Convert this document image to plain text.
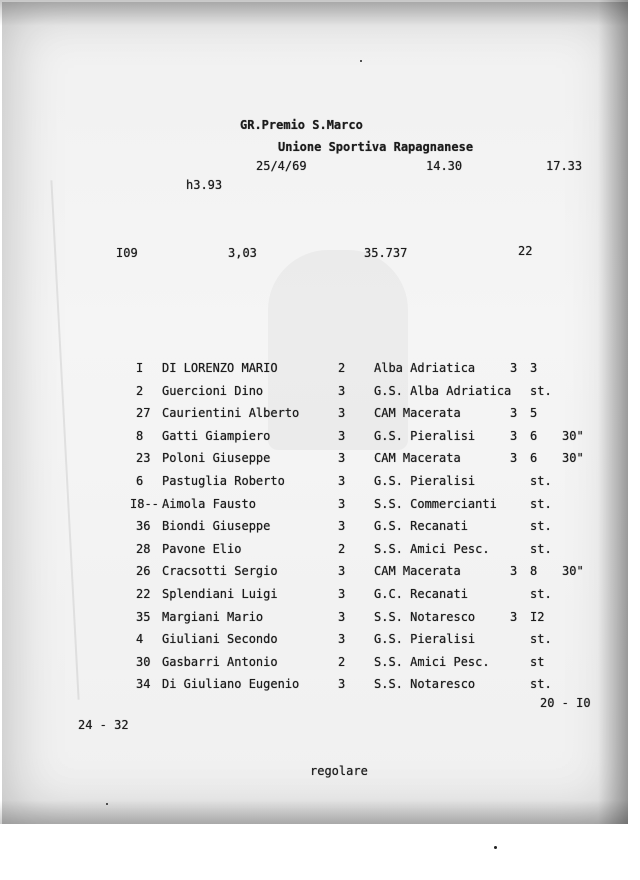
GR.Premio S.Marco
Unione Sportiva Rapagnanese
25/4/69	14.30	17.33
h3.93
I09	3,03	35.737	22
I DI LORENZO MARIO	2 Alba Adriatica	3 3
2 Guercioni Dino	3 G.S. Alba Adriatica st.
27 Caurientini Alberto	3 CAM Macerata	3 5
8 Gatti Giampiero	3 G.S. Pieralisi	3 6 30"
23 Poloni Giuseppe	3 CAM Macerata	3 6 30"
6 Pastuglia Roberto	3 G.S. Pieralisi	st.
I8-- Aimola Fausto	3 S.S. Commercianti	st.
36 Biondi Giuseppe	3 G.S. Recanati	st.
28 Pavone Elio	2 S.S. Amici Pesc.	st.
26 Cracsotti Sergio	3 CAM Macerata	3 8 30"
22 Splendiani Luigi	3 G.C. Recanati	st.
35 Margiani Mario	3 S.S. Notaresco	3 I2
4 Giuliani Secondo	3 G.S. Pieralisi	st.
30 Gasbarri Antonio	2 S.S. Amici Pesc.	st
34 Di Giuliano Eugenio	3 S.S. Notaresco	st.
20 - I0
24 - 32
regolare
